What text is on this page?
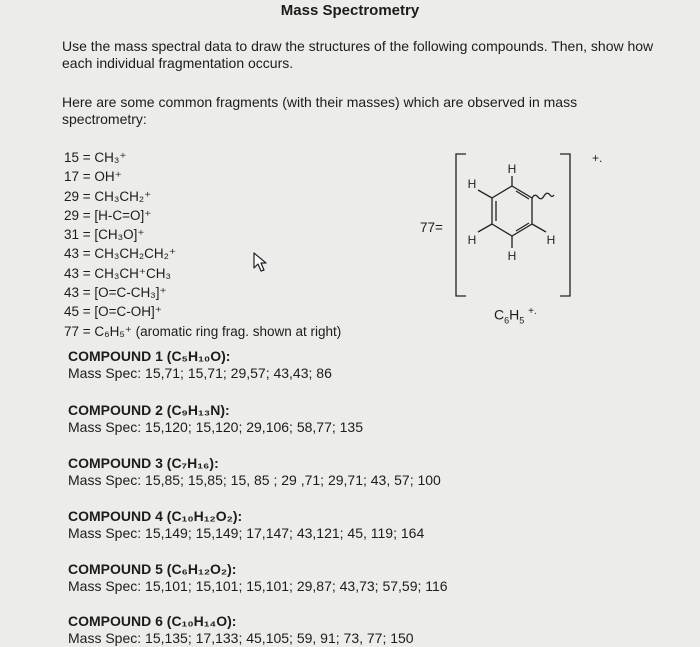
Mass Spectrometry
Use the mass spectral data to draw the structures of the following compounds. Then, show how each individual fragmentation occurs.
Here are some common fragments (with their masses) which are observed in mass spectrometry:
15 = CH₃⁺
17 = OH⁺
29 = CH₃CH₂⁺
29 = [H-C=O]⁺
31 = [CH₃O]⁺
43 = CH₃CH₂CH₂⁺
43 = CH₃CH⁺CH₃
43 = [O=C-CH₃]⁺
45 = [O=C-OH]⁺
77 = C₆H₅⁺ (aromatic ring frag. shown at right)
77=
H
H
H	H
H
+.
$C_6H_5$ +.
COMPOUND 1 (C₅H₁₀O):
Mass Spec: 15,71; 15,71; 29,57; 43,43; 86
COMPOUND 2 (C₉H₁₃N):
Mass Spec: 15,120; 15,120; 29,106; 58,77; 135
COMPOUND 3 (C₇H₁₆):
Mass Spec: 15,85; 15,85; 15, 85 ; 29 ,71; 29,71; 43, 57; 100
COMPOUND 4 (C₁₀H₁₂O₂):
Mass Spec: 15,149; 15,149; 17,147; 43,121; 45, 119; 164
COMPOUND 5 (C₆H₁₂O₂):
Mass Spec: 15,101; 15,101; 15,101; 29,87; 43,73; 57,59; 116
COMPOUND 6 (C₁₀H₁₄O):
Mass Spec: 15,135; 17,133; 45,105; 59, 91; 73, 77; 150
